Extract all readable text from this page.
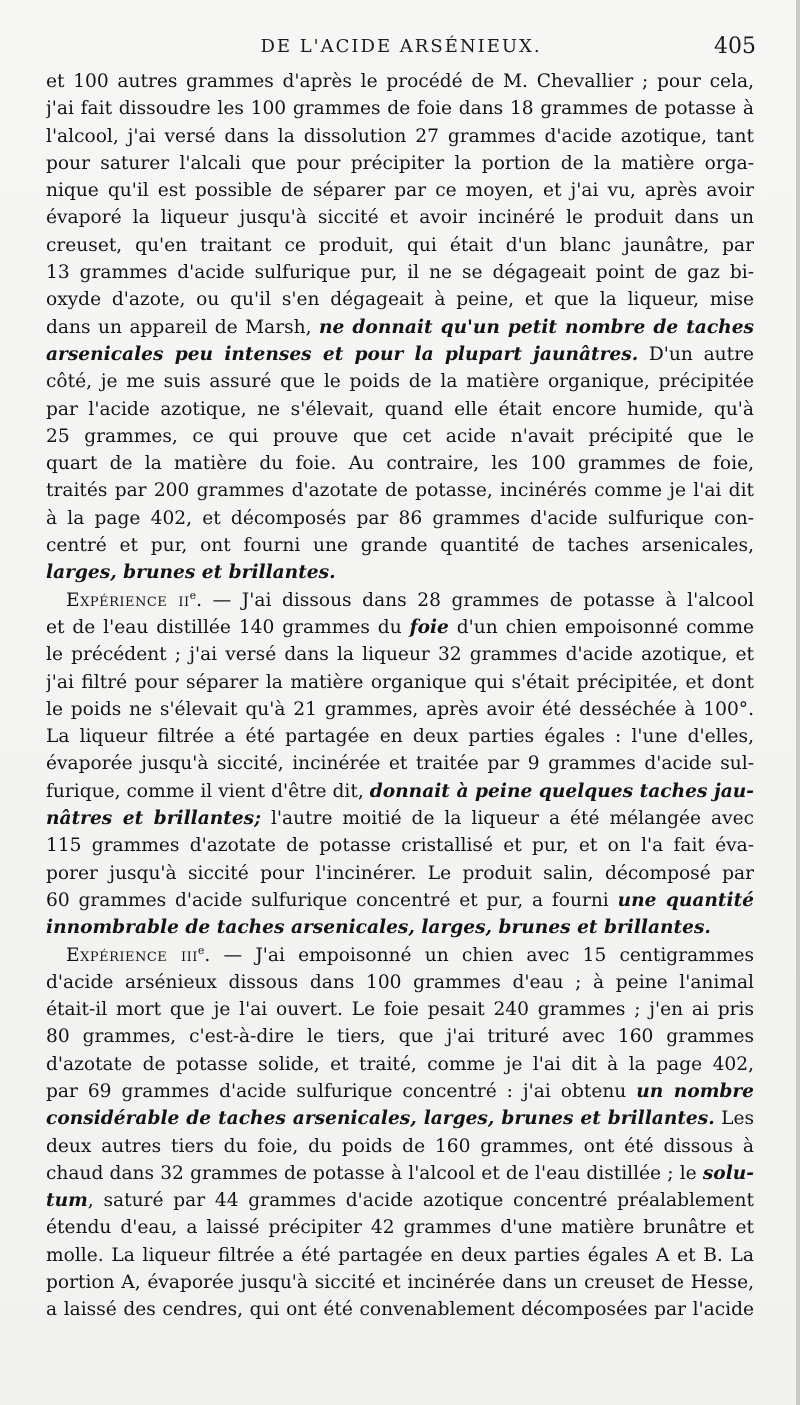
DE L'ACIDE ARSÉNIEUX.	405
et 100 autres grammes d'après le procédé de M. Chevallier ; pour cela,
j'ai fait dissoudre les 100 grammes de foie dans 18 grammes de potasse à
l'alcool, j'ai versé dans la dissolution 27 grammes d'acide azotique, tant
pour saturer l'alcali que pour précipiter la portion de la matière orga-
nique qu'il est possible de séparer par ce moyen, et j'ai vu, après avoir
évaporé la liqueur jusqu'à siccité et avoir incinéré le produit dans un
creuset, qu'en traitant ce produit, qui était d'un blanc jaunâtre, par
13 grammes d'acide sulfurique pur, il ne se dégageait point de gaz bi-
oxyde d'azote, ou qu'il s'en dégageait à peine, et que la liqueur, mise
dans un appareil de Marsh, ne donnait qu'un petit nombre de taches
arsenicales peu intenses et pour la plupart jaunâtres. D'un autre
côté, je me suis assuré que le poids de la matière organique, précipitée
par l'acide azotique, ne s'élevait, quand elle était encore humide, qu'à
25 grammes, ce qui prouve que cet acide n'avait précipité que le
quart de la matière du foie. Au contraire, les 100 grammes de foie,
traités par 200 grammes d'azotate de potasse, incinérés comme je l'ai dit
à la page 402, et décomposés par 86 grammes d'acide sulfurique con-
centré et pur, ont fourni une grande quantité de taches arsenicales,
larges, brunes et brillantes.
Expérience $ii^e$. — J'ai dissous dans 28 grammes de potasse à l'alcool
et de l'eau distillée 140 grammes du foie d'un chien empoisonné comme
le précédent ; j'ai versé dans la liqueur 32 grammes d'acide azotique, et
j'ai filtré pour séparer la matière organique qui s'était précipitée, et dont
le poids ne s'élevait qu'à 21 grammes, après avoir été desséchée à 100°.
La liqueur filtrée a été partagée en deux parties égales : l'une d'elles,
évaporée jusqu'à siccité, incinérée et traitée par 9 grammes d'acide sul-
furique, comme il vient d'être dit, donnait à peine quelques taches jau-
nâtres et brillantes; l'autre moitié de la liqueur a été mélangée avec
115 grammes d'azotate de potasse cristallisé et pur, et on l'a fait éva-
porer jusqu'à siccité pour l'incinérer. Le produit salin, décomposé par
60 grammes d'acide sulfurique concentré et pur, a fourni une quantité
innombrable de taches arsenicales, larges, brunes et brillantes.
Expérience iii$^e$. — J'ai empoisonné un chien avec 15 centigrammes
d'acide arsénieux dissous dans 100 grammes d'eau ; à peine l'animal
était-il mort que je l'ai ouvert. Le foie pesait 240 grammes ; j'en ai pris
80 grammes, c'est-à-dire le tiers, que j'ai trituré avec 160 grammes
d'azotate de potasse solide, et traité, comme je l'ai dit à la page 402,
par 69 grammes d'acide sulfurique concentré : j'ai obtenu un nombre
considérable de taches arsenicales, larges, brunes et brillantes. Les
deux autres tiers du foie, du poids de 160 grammes, ont été dissous à
chaud dans 32 grammes de potasse à l'alcool et de l'eau distillée ; le solu-
tum, saturé par 44 grammes d'acide azotique concentré préalablement
étendu d'eau, a laissé précipiter 42 grammes d'une matière brunâtre et
molle. La liqueur filtrée a été partagée en deux parties égales A et B. La
portion A, évaporée jusqu'à siccité et incinérée dans un creuset de Hesse,
a laissé des cendres, qui ont été convenablement décomposées par l'acide
